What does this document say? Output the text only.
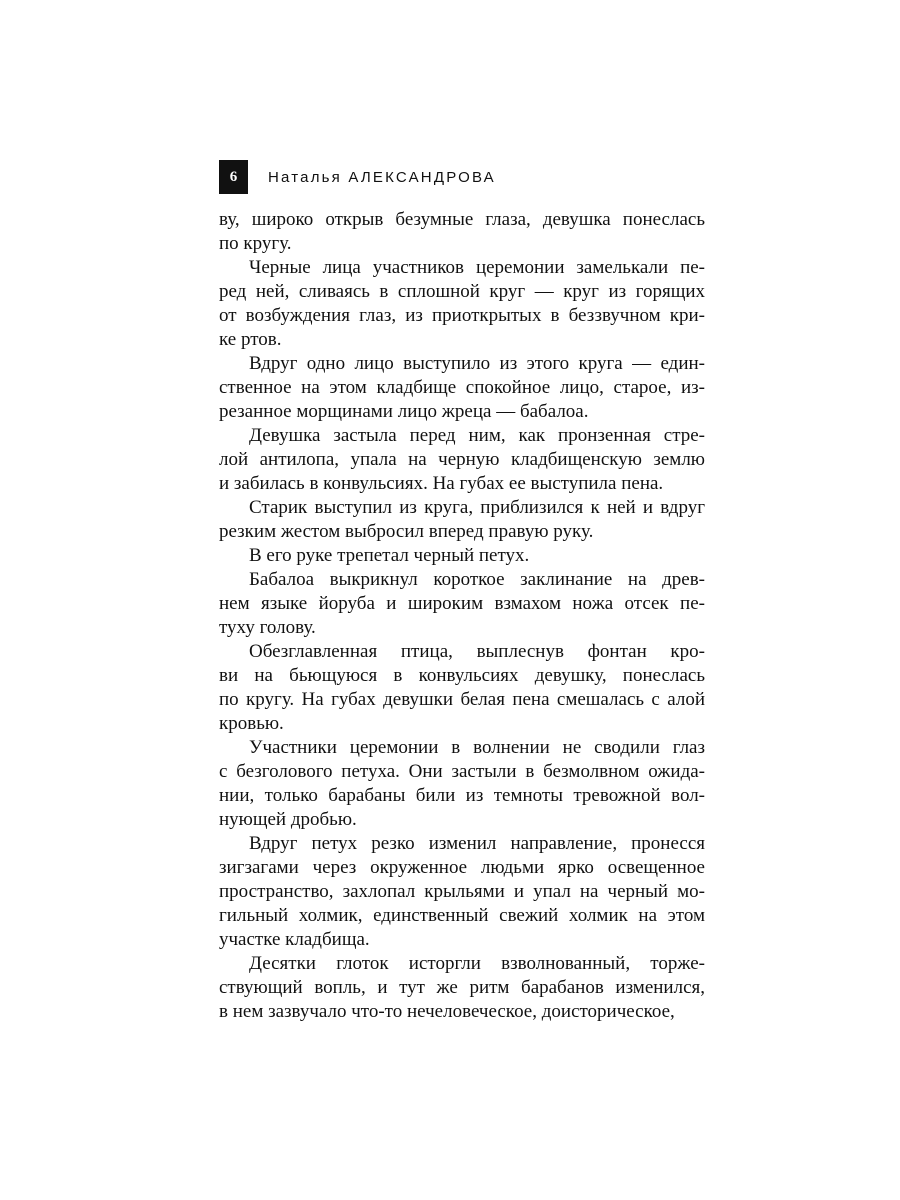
6	Наталья АЛЕКСАНДРОВА
ву, широко открыв безумные глаза, девушка понеслась
по кругу.
Черные лица участников церемонии замелькали пе-
ред ней, сливаясь в сплошной круг — круг из горящих
от возбуждения глаз, из приоткрытых в беззвучном кри-
ке ртов.
Вдруг одно лицо выступило из этого круга — един-
ственное на этом кладбище спокойное лицо, старое, из-
резанное морщинами лицо жреца — бабалоа.
Девушка застыла перед ним, как пронзенная стре-
лой антилопа, упала на черную кладбищенскую землю
и забилась в конвульсиях. На губах ее выступила пена.
Старик выступил из круга, приблизился к ней и вдруг
резким жестом выбросил вперед правую руку.
В его руке трепетал черный петух.
Бабалоа выкрикнул короткое заклинание на древ-
нем языке йоруба и широким взмахом ножа отсек пе-
туху голову.
Обезглавленная птица, выплеснув фонтан кро-
ви на бьющуюся в конвульсиях девушку, понеслась
по кругу. На губах девушки белая пена смешалась с алой
кровью.
Участники церемонии в волнении не сводили глаз
с безголового петуха. Они застыли в безмолвном ожида-
нии, только барабаны били из темноты тревожной вол-
нующей дробью.
Вдруг петух резко изменил направление, пронесся
зигзагами через окруженное людьми ярко освещенное
пространство, захлопал крыльями и упал на черный мо-
гильный холмик, единственный свежий холмик на этом
участке кладбища.
Десятки глоток исторгли взволнованный, торже-
ствующий вопль, и тут же ритм барабанов изменился,
в нем зазвучало что-то нечеловеческое, доисторическое,
